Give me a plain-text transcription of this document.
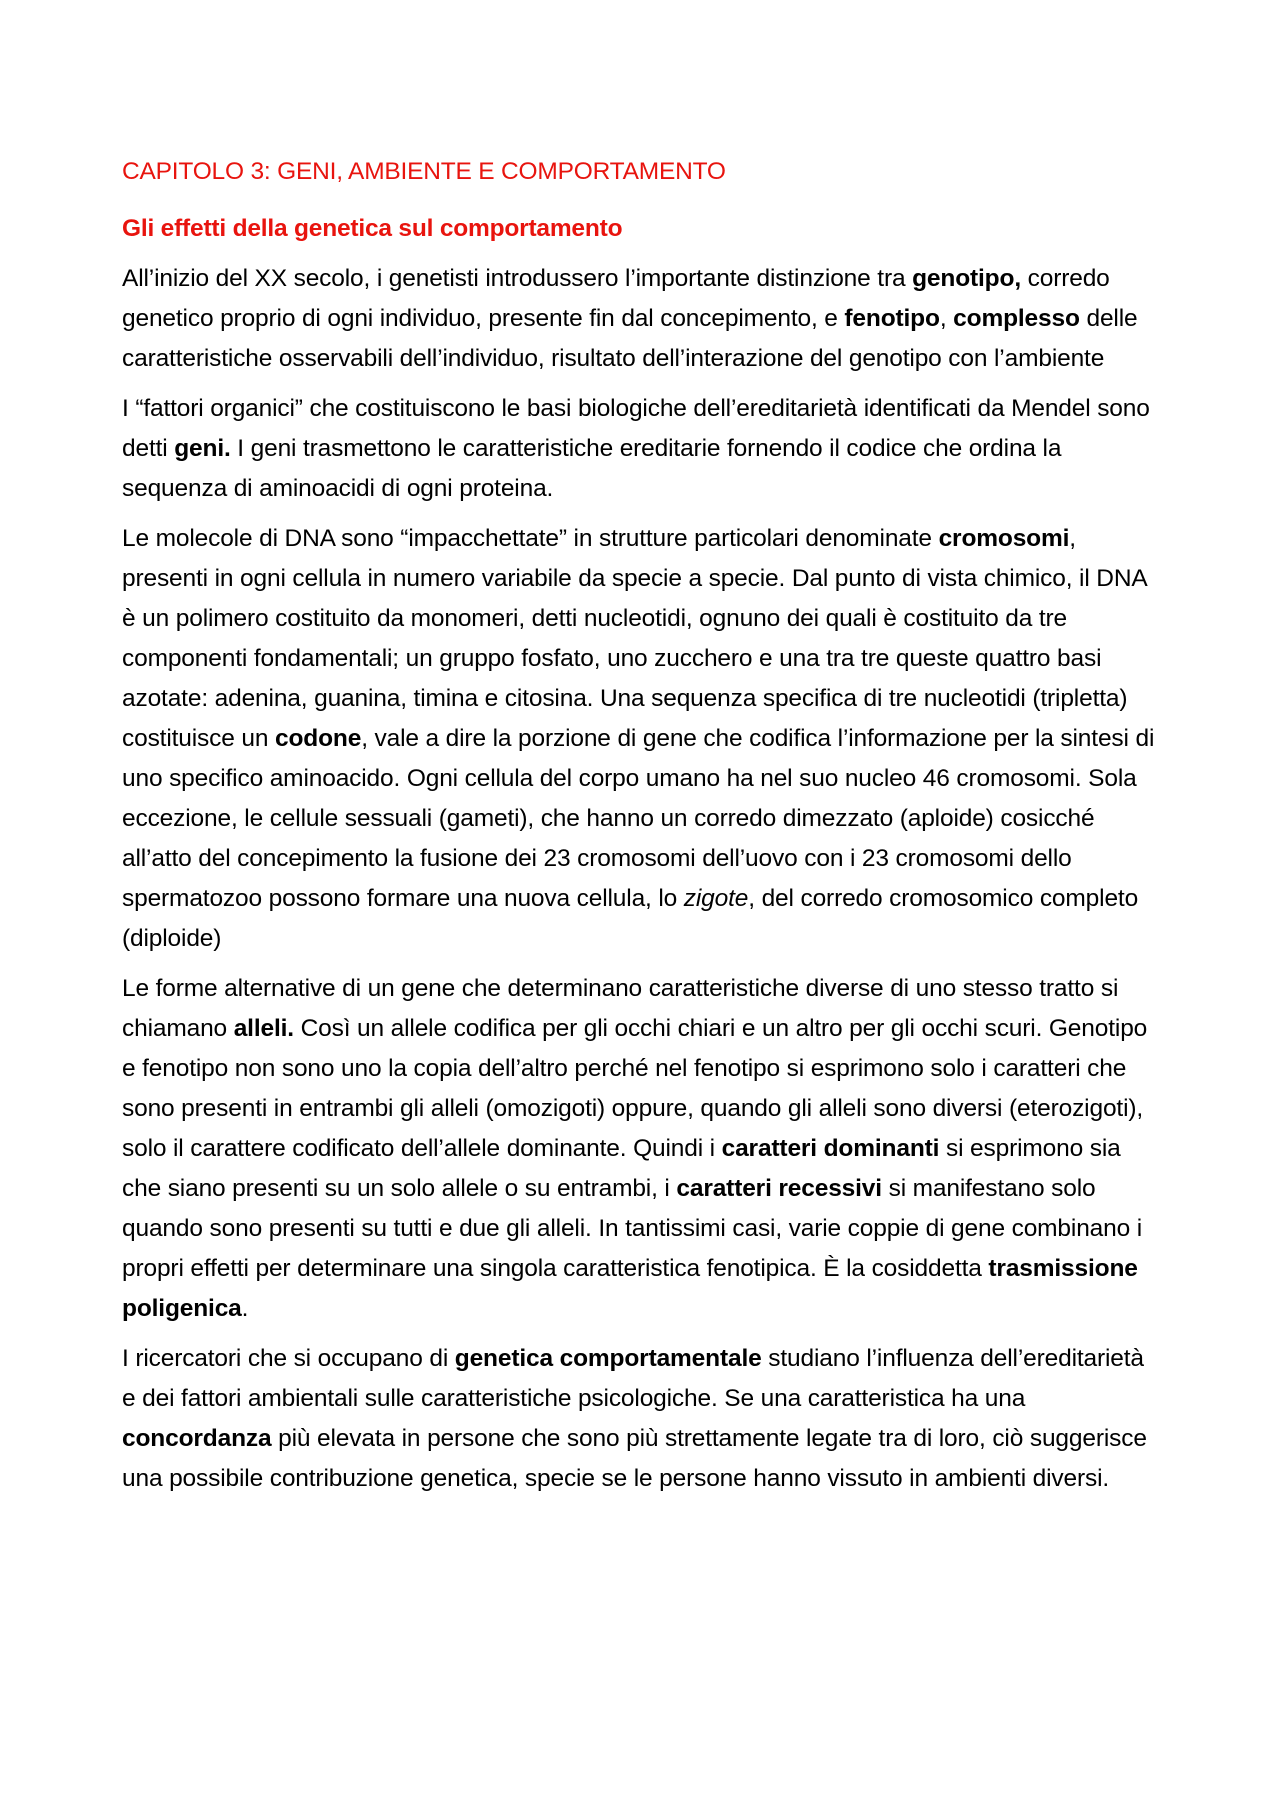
CAPITOLO 3: GENI, AMBIENTE E COMPORTAMENTO
Gli effetti della genetica sul comportamento

All’inizio del XX secolo, i genetisti introdussero l’importante distinzione tra genotipo, corredo genetico proprio di ogni individuo, presente fin dal concepimento, e fenotipo, complesso delle caratteristiche osservabili dell’individuo, risultato dell’interazione del genotipo con l’ambiente

I “fattori organici” che costituiscono le basi biologiche dell’ereditarietà identificati da Mendel sono detti geni. I geni trasmettono le caratteristiche ereditarie fornendo il codice che ordina la sequenza di aminoacidi di ogni proteina.

Le molecole di DNA sono “impacchettate” in strutture particolari denominate cromosomi, presenti in ogni cellula in numero variabile da specie a specie. Dal punto di vista chimico, il DNA è un polimero costituito da monomeri, detti nucleotidi, ognuno dei quali è costituito da tre componenti fondamentali; un gruppo fosfato, uno zucchero e una tra tre queste quattro basi azotate: adenina, guanina, timina e citosina. Una sequenza specifica di tre nucleotidi (tripletta) costituisce un codone, vale a dire la porzione di gene che codifica l’informazione per la sintesi di uno specifico aminoacido. Ogni cellula del corpo umano ha nel suo nucleo 46 cromosomi. Sola eccezione, le cellule sessuali (gameti), che hanno un corredo dimezzato (aploide) cosicché all’atto del concepimento la fusione dei 23 cromosomi dell’uovo con i 23 cromosomi dello spermatozoo possono formare una nuova cellula, lo zigote, del corredo cromosomico completo (diploide)

Le forme alternative di un gene che determinano caratteristiche diverse di uno stesso tratto si chiamano alleli. Così un allele codifica per gli occhi chiari e un altro per gli occhi scuri. Genotipo e fenotipo non sono uno la copia dell’altro perché nel fenotipo si esprimono solo i caratteri che sono presenti in entrambi gli alleli (omozigoti) oppure, quando gli alleli sono diversi (eterozigoti), solo il carattere codificato dell’allele dominante. Quindi i caratteri dominanti si esprimono sia che siano presenti su un solo allele o su entrambi, i caratteri recessivi si manifestano solo quando sono presenti su tutti e due gli alleli. In tantissimi casi, varie coppie di gene combinano i propri effetti per determinare una singola caratteristica fenotipica. È la cosiddetta trasmissione poligenica.

I ricercatori che si occupano di genetica comportamentale studiano l’influenza dell’ereditarietà e dei fattori ambientali sulle caratteristiche psicologiche. Se una caratteristica ha una concordanza più elevata in persone che sono più strettamente legate tra di loro, ciò suggerisce una possibile contribuzione genetica, specie se le persone hanno vissuto in ambienti diversi.
